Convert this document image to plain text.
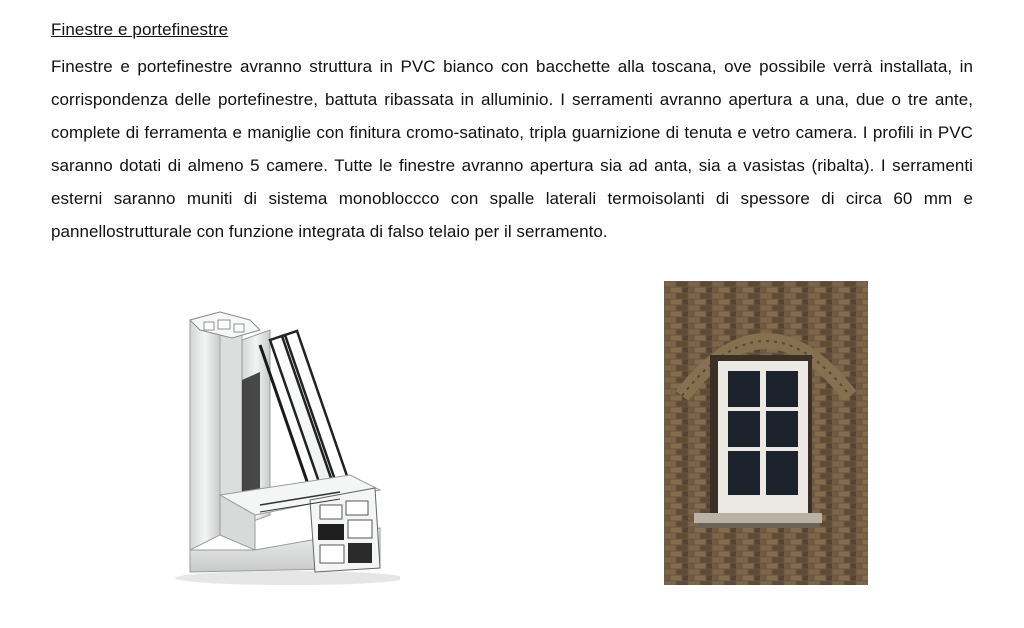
Finestre e portefinestre
Finestre e portefinestre avranno struttura in PVC bianco con bacchette alla toscana, ove possibile verrà installata, in corrispondenza delle portefinestre, battuta ribassata in alluminio. I serramenti avranno apertura a una, due o tre ante, complete di ferramenta e maniglie con finitura cromo-satinato, tripla guarnizione di tenuta e vetro camera. I profili in PVC saranno dotati di almeno 5 camere. Tutte le finestre avranno apertura sia ad anta, sia a vasistas (ribalta). I serramenti esterni saranno muniti di sistema monobloccco con spalle laterali termoisolanti di spessore di circa 60 mm e pannellostrutturale con funzione integrata di falso telaio per il serramento.
